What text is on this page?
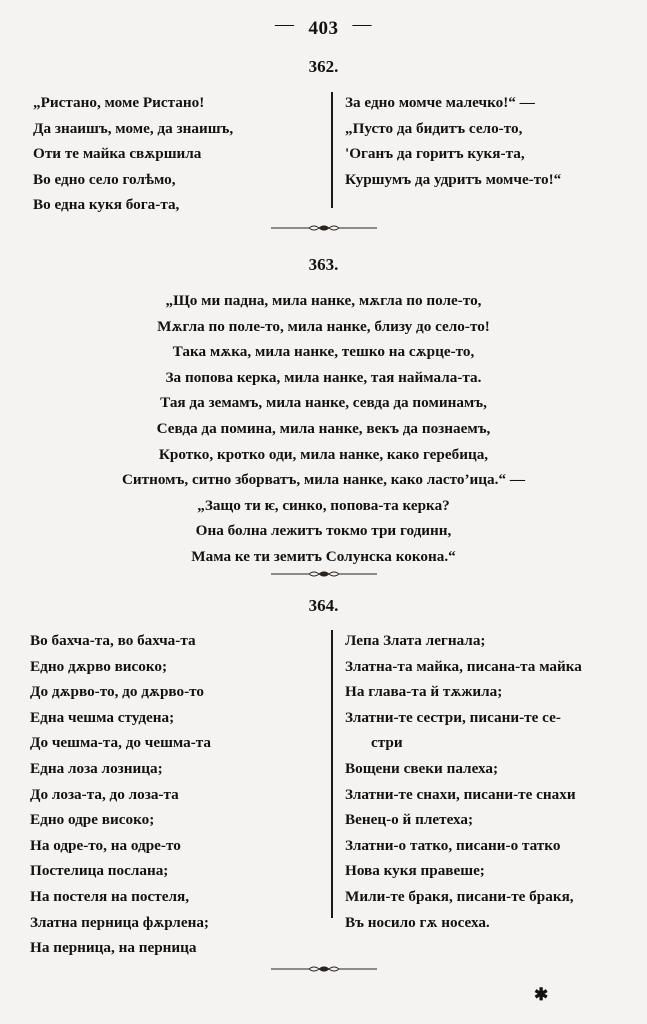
— 403 —
362.
„Ристано, моме Ристано!
Да знаишъ, моме, да знаишъ,
Оти те майка свѫршила
Во едно село голѣмо,
Во една кукя бога-та,
За едно момче малечко!“ —
„Пусто да бидитъ село-то,
'Оганъ да горитъ кукя-та,
Куршумъ да удритъ момче-то!“
363.
„Що ми падна, мила нанке, мѫгла по поле-то,
Мѫгла по поле-то, мила нанке, близу до село-то!
Така мѫка, мила нанке, тешко на сѫрце-то,
За попова керка, мила нанке, тая наймала-та.
Тая да земамъ, мила нанке, севда да поминамъ,
Севда да помина, мила нанке, векъ да познаемъ,
Кротко, кротко оди, мила нанке, како геребица,
Ситномъ, ситно зборватъ, мила нанке, како ласто’ица.“ —
„Защо ти ѥ, синко, попова-та керка?
Она болна лежитъ токмо три годинн,
Мама ке ти земитъ Солунска кокона.“
364.
Во бахча-та, во бахча-та
Едно дѫрво високо;
До дѫрво-то, до дѫрво-то
Една чешма студена;
До чешма-та, до чешма-та
Една лоза лозница;
До лоза-та, до лоза-та
Едно одре високо;
На одре-то, на одре-то
Постелица послана;
На постеля на постеля,
Златна перница фѫрлена;
На перница, на перница
Лепа Злата легнала;
Златна-та майка, писана-та майка
На глава-та й тѫжила;
Златни-те сестри, писани-те се-
стри
Вощени свеки палеха;
Златни-те снахи, писани-те снахи
Венец-о й плетеха;
Златни-о татко, писани-о татко
Нова кукя правеше;
Мили-те бракя, писани-те бракя,
Въ носило гѫ носеха.
✱
